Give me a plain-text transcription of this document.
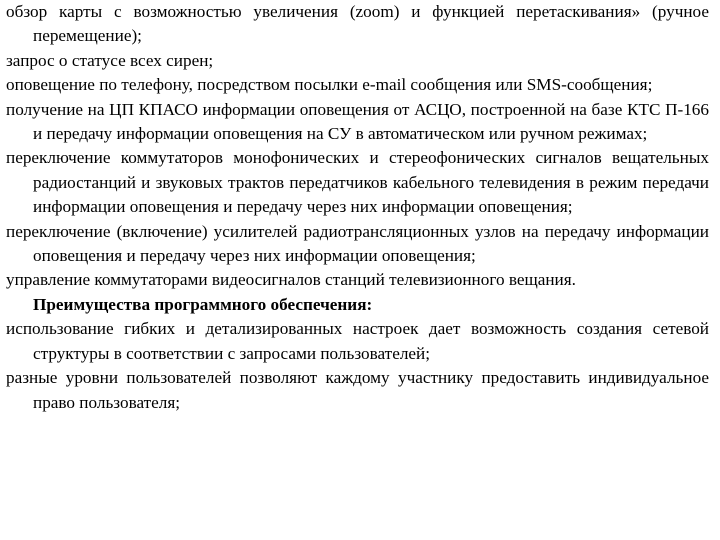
обзор карты с возможностью увеличения (zoom) и функцией перетаскивания» (ручное перемещение);

запрос о статусе всех сирен;

оповещение по телефону, посредством посылки e-mail сообщения или SMS-сообщения;

получение на ЦП КПАСО информации оповещения от АСЦО, построенной на базе КТС П-166 и передачу информации оповещения на СУ в автоматическом или ручном режимах;

переключение коммутаторов монофонических и стереофонических сигналов вещательных радиостанций и звуковых трактов передатчиков кабельного телевидения в режим передачи информации оповещения и передачу через них информации оповещения;

переключение (включение) усилителей радиотрансляционных узлов на передачу информации оповещения и передачу через них информации оповещения;

управление коммутаторами видеосигналов станций телевизионного вещания.

Преимущества программного обеспечения:

использование гибких и детализированных настроек дает возможность создания сетевой структуры в соответствии с запросами пользователей;

разные уровни пользователей позволяют каждому участнику предоставить индивидуальное право пользователя;
